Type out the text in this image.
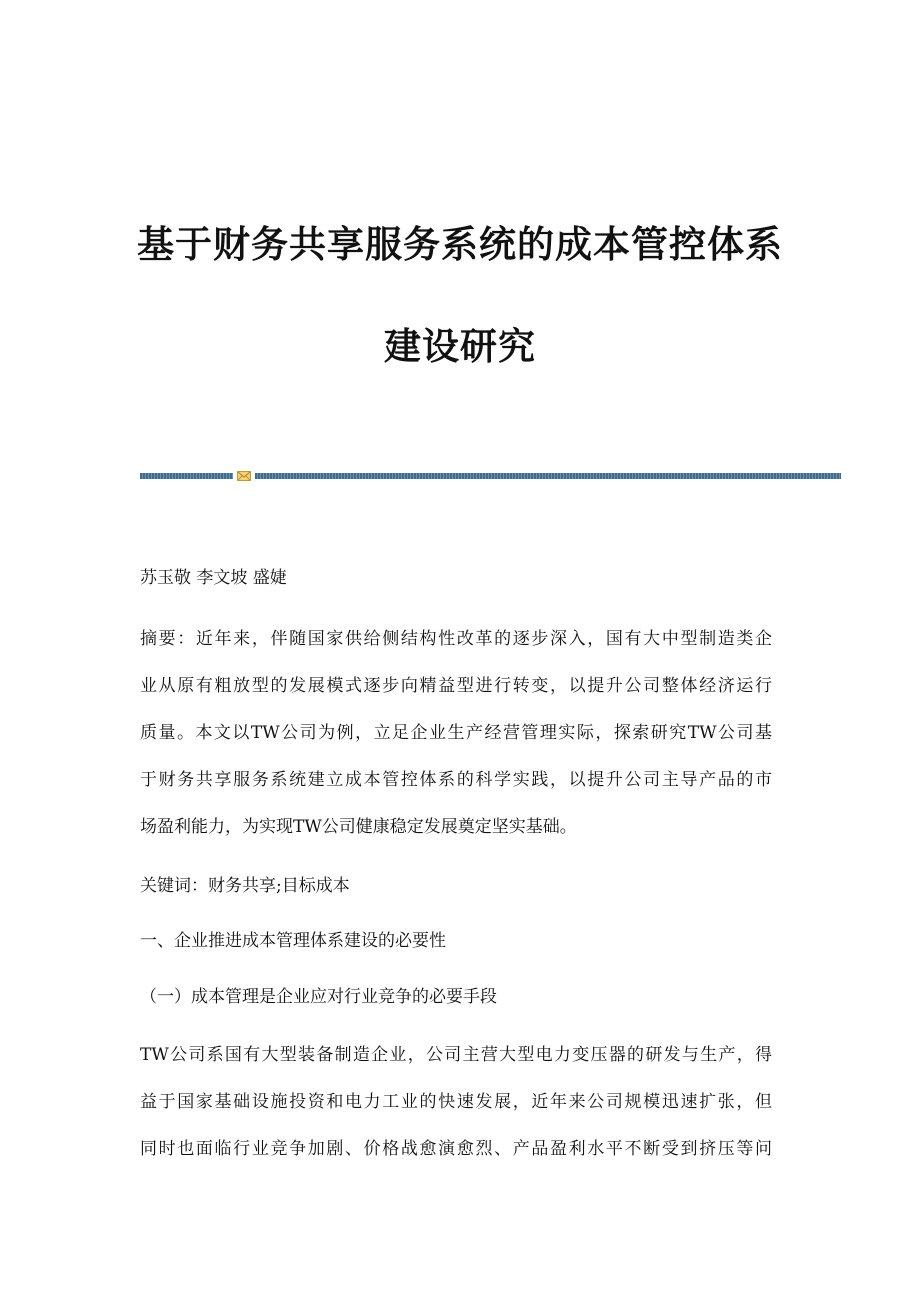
基于财务共享服务系统的成本管控体系
建设研究

苏玉敬 李文坡 盛婕

摘要：近年来，伴随国家供给侧结构性改革的逐步深入，国有大中型制造类企
业从原有粗放型的发展模式逐步向精益型进行转变，以提升公司整体经济运行
质量。本文以TW公司为例，立足企业生产经营管理实际，探索研究TW公司基
于财务共享服务系统建立成本管控体系的科学实践，以提升公司主导产品的市
场盈利能力，为实现TW公司健康稳定发展奠定坚实基础。

关键词：财务共享;目标成本

一、企业推进成本管理体系建设的必要性

（一）成本管理是企业应对行业竞争的必要手段

TW公司系国有大型装备制造企业，公司主营大型电力变压器的研发与生产，得
益于国家基础设施投资和电力工业的快速发展，近年来公司规模迅速扩张，但
同时也面临行业竞争加剧、价格战愈演愈烈、产品盈利水平不断受到挤压等问
